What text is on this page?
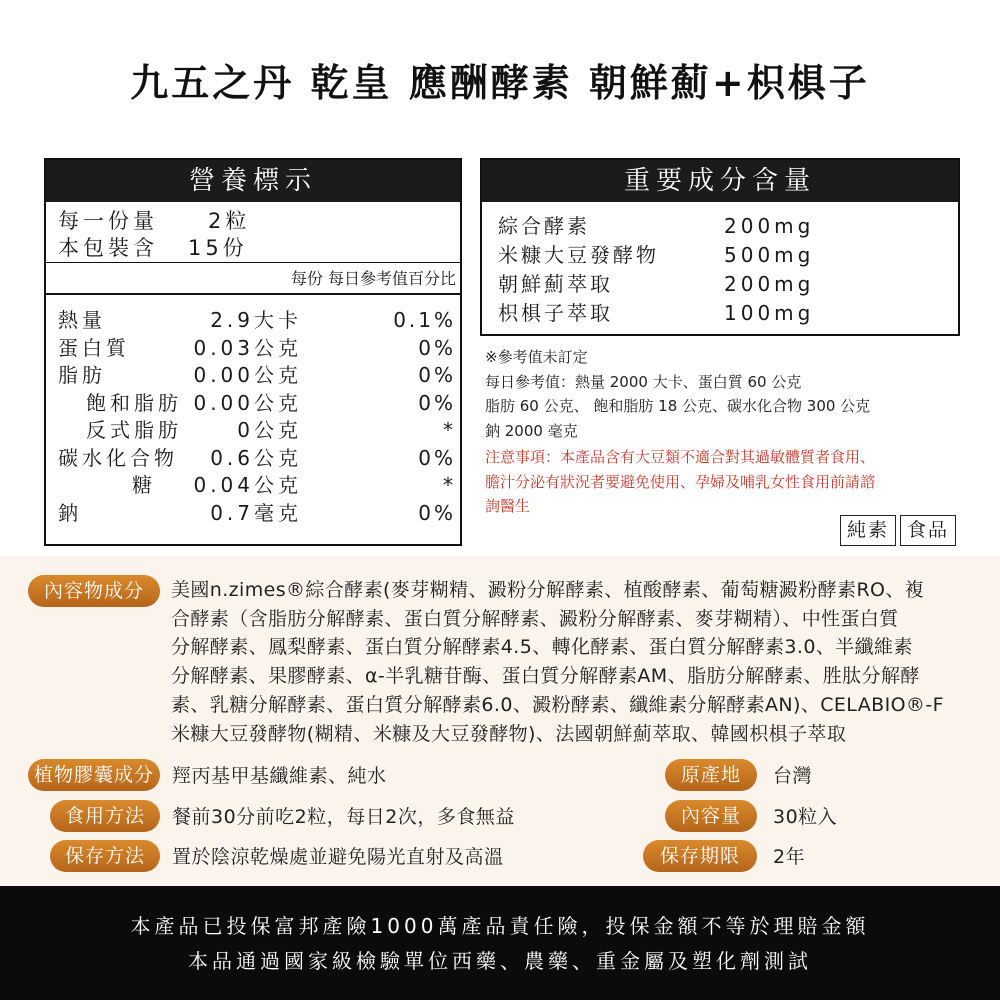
九五之丹 乾皇 應酬酵素 朝鮮薊+枳椇子
營養標示
每一份量 2粒
本包裝含 15份
每份 每日參考值百分比
熱量	2.9大卡	0.1%
蛋白質	0.03公克	0%
脂肪	0.00公克	0%
飽和脂肪 0.00公克	0%
反式脂肪	0公克	*
碳水化合物 0.6公克	0%
糖 0.04公克	*
鈉	0.7毫克	0%
重要成分含量
綜合酵素	200mg
米糠大豆發酵物	500mg
朝鮮薊萃取	200mg
枳椇子萃取	100mg
※參考值未訂定
每日參考值：熱量 2000 大卡、蛋白質 60 公克
脂肪 60 公克、 飽和脂肪 18 公克、碳水化合物 300 公克
鈉 2000 毫克
注意事項：本產品含有大豆類不適合對其過敏體質者食用、
膽汁分泌有狀況者要避免使用、孕婦及哺乳女性食用前請諮
詢醫生
純素 食品
內容物成分	美國n.zimes®綜合酵素(麥芽糊精、澱粉分解酵素、植酸酵素、葡萄糖澱粉酵素RO、複
合酵素（含脂肪分解酵素、蛋白質分解酵素、澱粉分解酵素、麥芽糊精）、中性蛋白質
分解酵素、鳳梨酵素、蛋白質分解酵素4.5、轉化酵素、蛋白質分解酵素3.0、半纖維素
分解酵素、果膠酵素、α-半乳糖苷酶、蛋白質分解酵素AM、脂肪分解酵素、胜肽分解酵
素、乳糖分解酵素、蛋白質分解酵素6.0、澱粉酵素、纖維素分解酵素AN)、CELABIO®-F
米糠大豆發酵物(糊精、米糠及大豆發酵物)、法國朝鮮薊萃取、韓國枳椇子萃取
植物膠囊成分 羥丙基甲基纖維素、純水	原產地	台灣
食用方法	餐前30分前吃2粒，每日2次，多食無益	內容量	30粒入
保存方法	置於陰涼乾燥處並避免陽光直射及高溫	保存期限	2年
本產品已投保富邦產險1000萬產品責任險，投保金額不等於理賠金額
本品通過國家級檢驗單位西藥、農藥、重金屬及塑化劑測試
